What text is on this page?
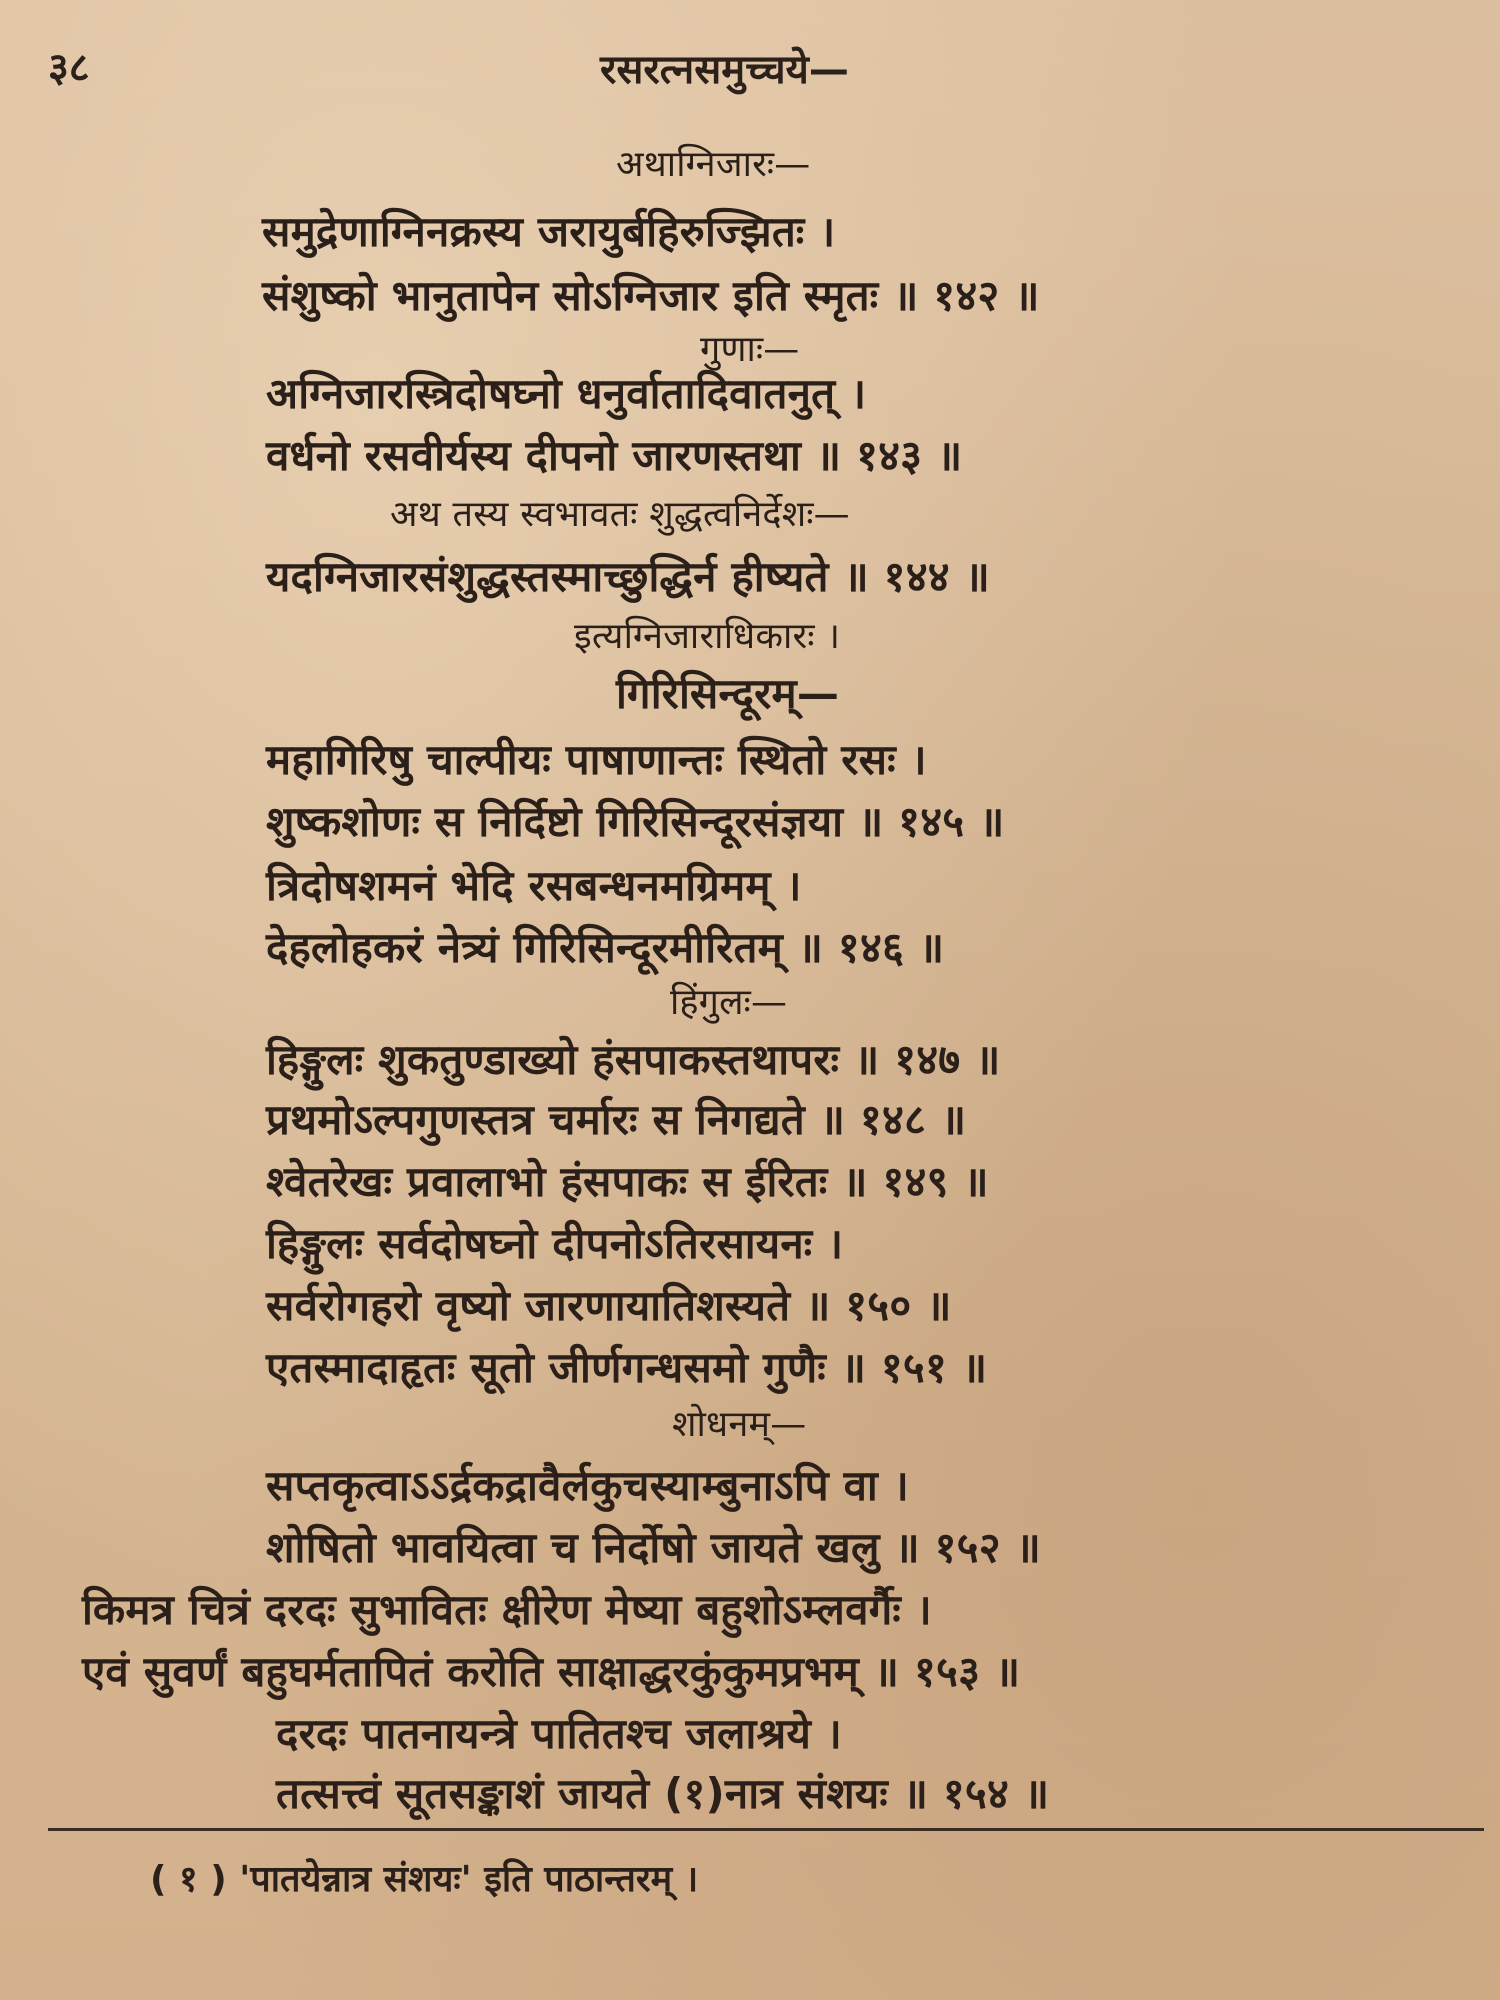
३८	रसरत्नसमुच्चये—
अथाग्निजारः—
समुद्रेणाग्निनक्रस्य जरायुर्बहिरुज्झितः ।
संशुष्को भानुतापेन सोऽग्निजार इति स्मृतः ॥ १४२ ॥
गुणाः—
अग्निजारस्त्रिदोषघ्नो धनुर्वातादिवातनुत् ।
वर्धनो रसवीर्यस्य दीपनो जारणस्तथा ॥ १४३ ॥
अथ तस्य स्वभावतः शुद्धत्वनिर्देशः—
यदग्निजारसंशुद्धस्तस्माच्छुद्धिर्न हीष्यते ॥ १४४ ॥
इत्यग्निजाराधिकारः ।
गिरिसिन्दूरम्—
महागिरिषु चाल्पीयः पाषाणान्तः स्थितो रसः ।
शुष्कशोणः स निर्दिष्टो गिरिसिन्दूरसंज्ञया ॥ १४५ ॥
त्रिदोषशमनं भेदि रसबन्धनमग्रिमम् ।
देहलोहकरं नेत्र्यं गिरिसिन्दूरमीरितम् ॥ १४६ ॥
हिंगुलः—
हिङ्गुलः शुकतुण्डाख्यो हंसपाकस्तथापरः ॥ १४७ ॥
प्रथमोऽल्पगुणस्तत्र चर्मारः स निगद्यते ॥ १४८ ॥
श्वेतरेखः प्रवालाभो हंसपाकः स ईरितः ॥ १४९ ॥
हिङ्गुलः सर्वदोषघ्नो दीपनोऽतिरसायनः ।
सर्वरोगहरो वृष्यो जारणायातिशस्यते ॥ १५० ॥
एतस्मादाहृतः सूतो जीर्णगन्धसमो गुणैः ॥ १५१ ॥
शोधनम्—
सप्तकृत्वाऽऽर्द्रकद्रावैर्लकुचस्याम्बुनाऽपि वा ।
शोषितो भावयित्वा च निर्दोषो जायते खलु ॥ १५२ ॥
किमत्र चित्रं दरदः सुभावितः क्षीरेण मेष्या बहुशोऽम्लवर्गैः ।
एवं सुवर्णं बहुघर्मतापितं करोति साक्षाद्धरकुंकुमप्रभम् ॥ १५३ ॥
दरदः पातनायन्त्रे पातितश्च जलाश्रये ।
तत्सत्त्वं सूतसङ्काशं जायते (१)नात्र संशयः ॥ १५४ ॥
( १ ) 'पातयेन्नात्र संशयः' इति पाठान्तरम् ।
